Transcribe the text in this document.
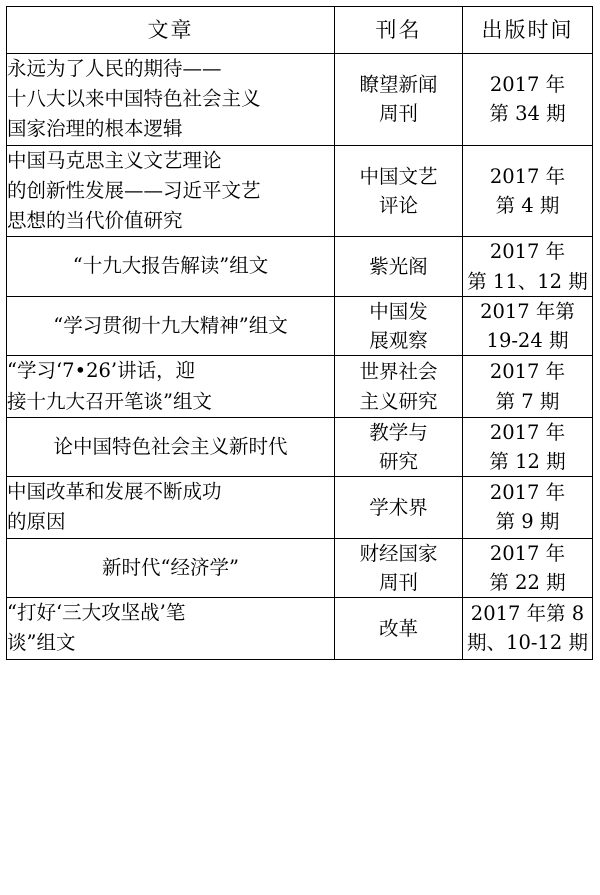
文章	刊名	出版时间

永远为了人民的期待——
十八大以来中国特色社会主义
国家治理的根本逻辑	瞭望新闻
周刊	2017 年
第 34 期

中国马克思主义文艺理论
的创新性发展——习近平文艺
思想的当代价值研究	中国文艺
评论	2017 年
第 4 期

“十九大报告解读”组文	紫光阁	2017 年
第 11、12 期

“学习贯彻十九大精神”组文	中国发
展观察	2017 年第
19-24 期

“学习‘7•26’讲话，迎
接十九大召开笔谈”组文	世界社会
主义研究	2017 年
第 7 期

论中国特色社会主义新时代	教学与
研究	2017 年
第 12 期

中国改革和发展不断成功
的原因	学术界	2017 年
第 9 期

新时代“经济学”	财经国家
周刊	2017 年
第 22 期

“打好‘三大攻坚战’笔
谈”组文	改革	2017 年第 8
期、10-12 期
